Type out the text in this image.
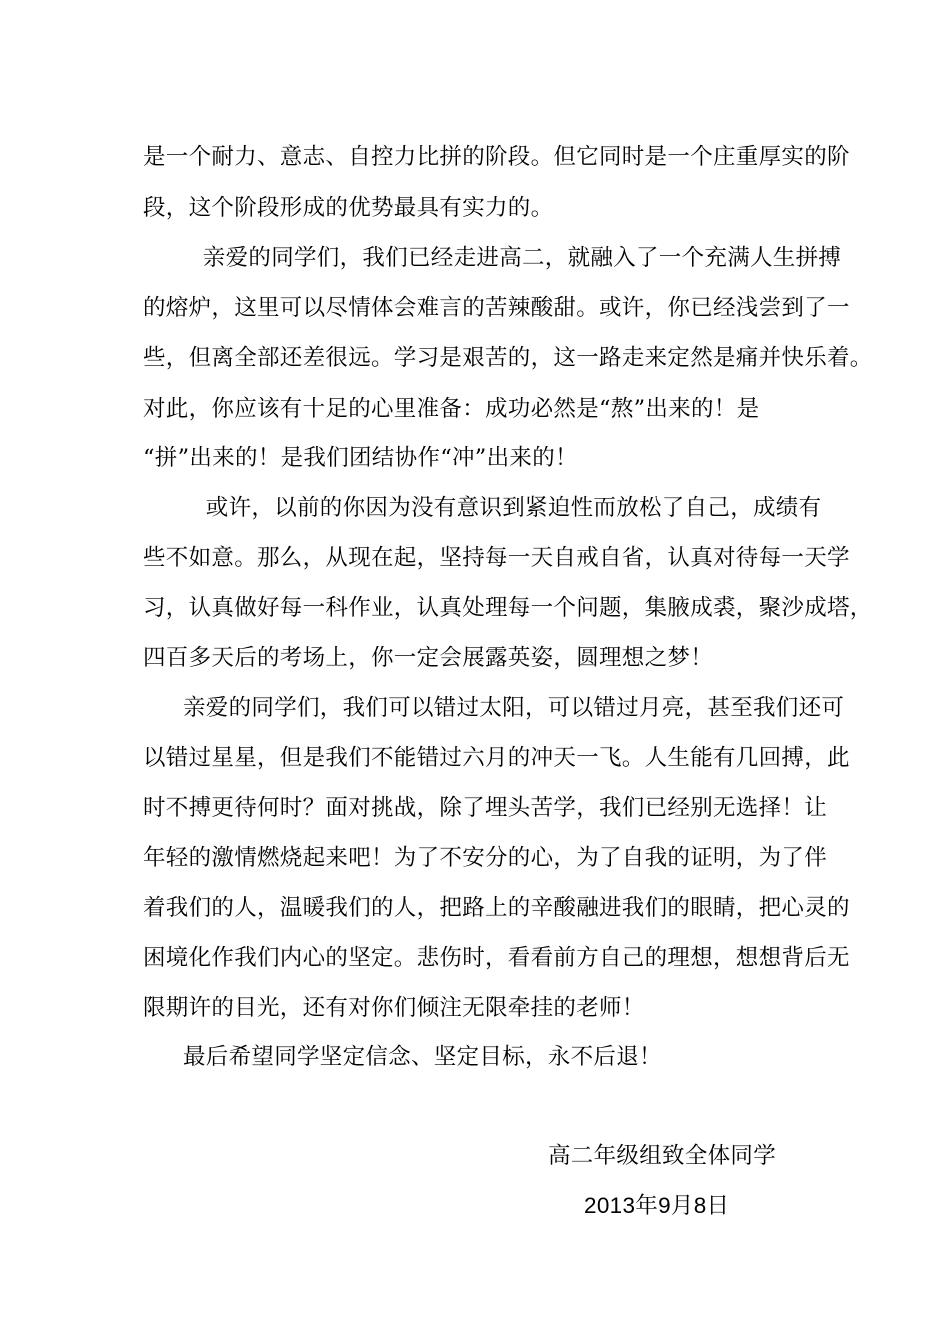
是一个耐力、意志、自控力比拼的阶段。但它同时是一个庄重厚实的阶
段，这个阶段形成的优势最具有实力的。
　亲爱的同学们，我们已经走进高二，就融入了一个充满人生拼搏
的熔炉，这里可以尽情体会难言的苦辣酸甜。或许，你已经浅尝到了一
些，但离全部还差很远。学习是艰苦的，这一路走来定然是痛并快乐着。
对此，你应该有十足的心里准备：成功必然是“熬”出来的！是
“拼”出来的！是我们团结协作“冲”出来的！
　或许，以前的你因为没有意识到紧迫性而放松了自己，成绩有
些不如意。那么，从现在起，坚持每一天自戒自省，认真对待每一天学
习，认真做好每一科作业，认真处理每一个问题，集腋成裘，聚沙成塔，
四百多天后的考场上，你一定会展露英姿，圆理想之梦！
亲爱的同学们，我们可以错过太阳，可以错过月亮，甚至我们还可
以错过星星，但是我们不能错过六月的冲天一飞。人生能有几回搏，此
时不搏更待何时？面对挑战，除了埋头苦学，我们已经别无选择！让
年轻的激情燃烧起来吧！为了不安分的心，为了自我的证明，为了伴
着我们的人，温暖我们的人，把路上的辛酸融进我们的眼睛，把心灵的
困境化作我们内心的坚定。悲伤时，看看前方自己的理想，想想背后无
限期许的目光，还有对你们倾注无限牵挂的老师！
最后希望同学坚定信念、坚定目标，永不后退！
高二年级组致全体同学
2013年9月8日
